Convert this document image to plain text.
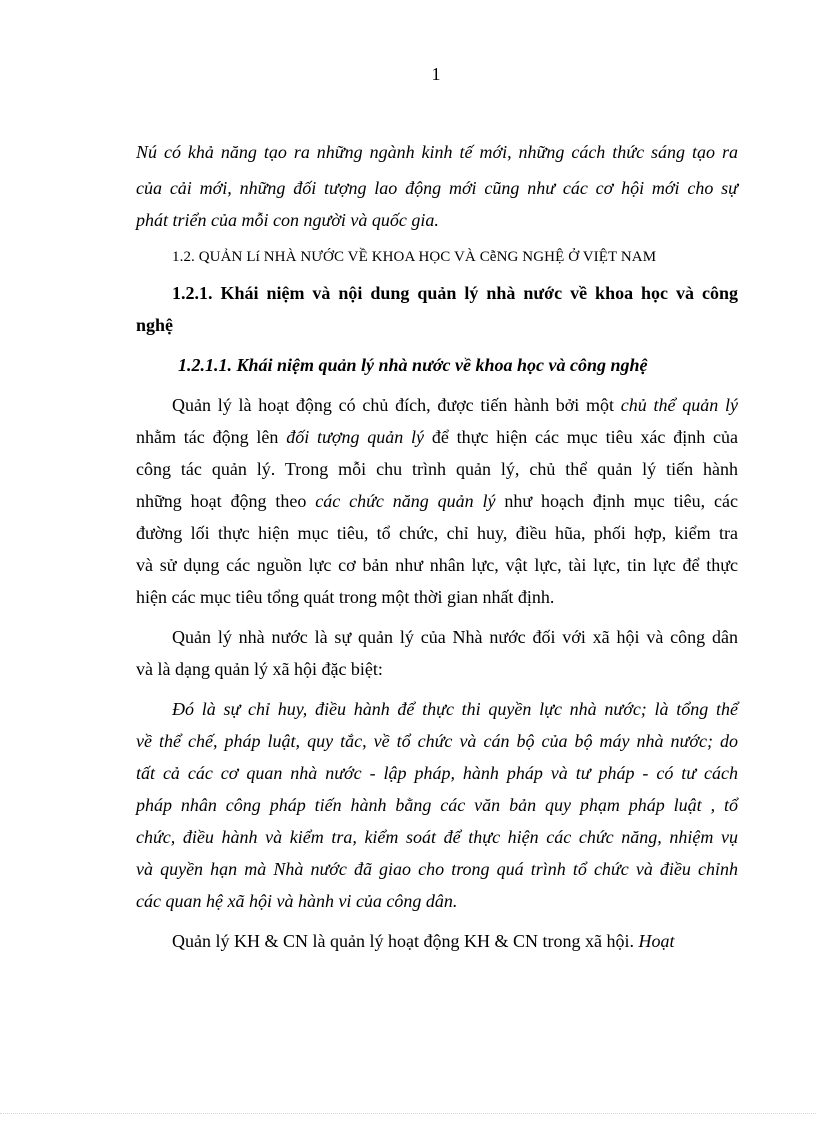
1
Nú có khả năng tạo ra những ngành kinh tế mới, những cách thức sáng tạo ra
của cải mới, những đối tượng lao động mới cũng như các cơ hội mới cho sự
phát triển của mỗi con người và quốc gia.
1.2. QUẢN Lí NHÀ NƯỚC VỀ KHOA HỌC VÀ CễNG NGHỆ Ở VIỆT NAM
1.2.1. Khái niệm và nội dung quản lý nhà nước về khoa học và công
nghệ
1.2.1.1. Khái niệm quản lý nhà nước về khoa học và công nghệ
Quản lý là hoạt động có chủ đích, được tiến hành bởi một chủ thể quản lý
nhằm tác động lên đối tượng quản lý để thực hiện các mục tiêu xác định của
công tác quản lý. Trong mỗi chu trình quản lý, chủ thể quản lý tiến hành
những hoạt động theo các chức năng quản lý như hoạch định mục tiêu, các
đường lối thực hiện mục tiêu, tổ chức, chỉ huy, điều hũa, phối hợp, kiểm tra
và sử dụng các nguồn lực cơ bản như nhân lực, vật lực, tài lực, tin lực để thực
hiện các mục tiêu tổng quát trong một thời gian nhất định.
Quản lý nhà nước là sự quản lý của Nhà nước đối với xã hội và công dân
và là dạng quản lý xã hội đặc biệt:
Đó là sự chỉ huy, điều hành để thực thi quyền lực nhà nước; là tổng thể
về thể chế, pháp luật, quy tắc, về tổ chức và cán bộ của bộ máy nhà nước; do
tất cả các cơ quan nhà nước - lập pháp, hành pháp và tư pháp - có tư cách
pháp nhân công pháp tiến hành bằng các văn bản quy phạm pháp luật , tổ
chức, điều hành và kiểm tra, kiểm soát để thực hiện các chức năng, nhiệm vụ
và quyền hạn mà Nhà nước đã giao cho trong quá trình tổ chức và điều chỉnh
các quan hệ xã hội và hành vi của công dân.
Quản lý KH & CN là quản lý hoạt động KH & CN trong xã hội. Hoạt
